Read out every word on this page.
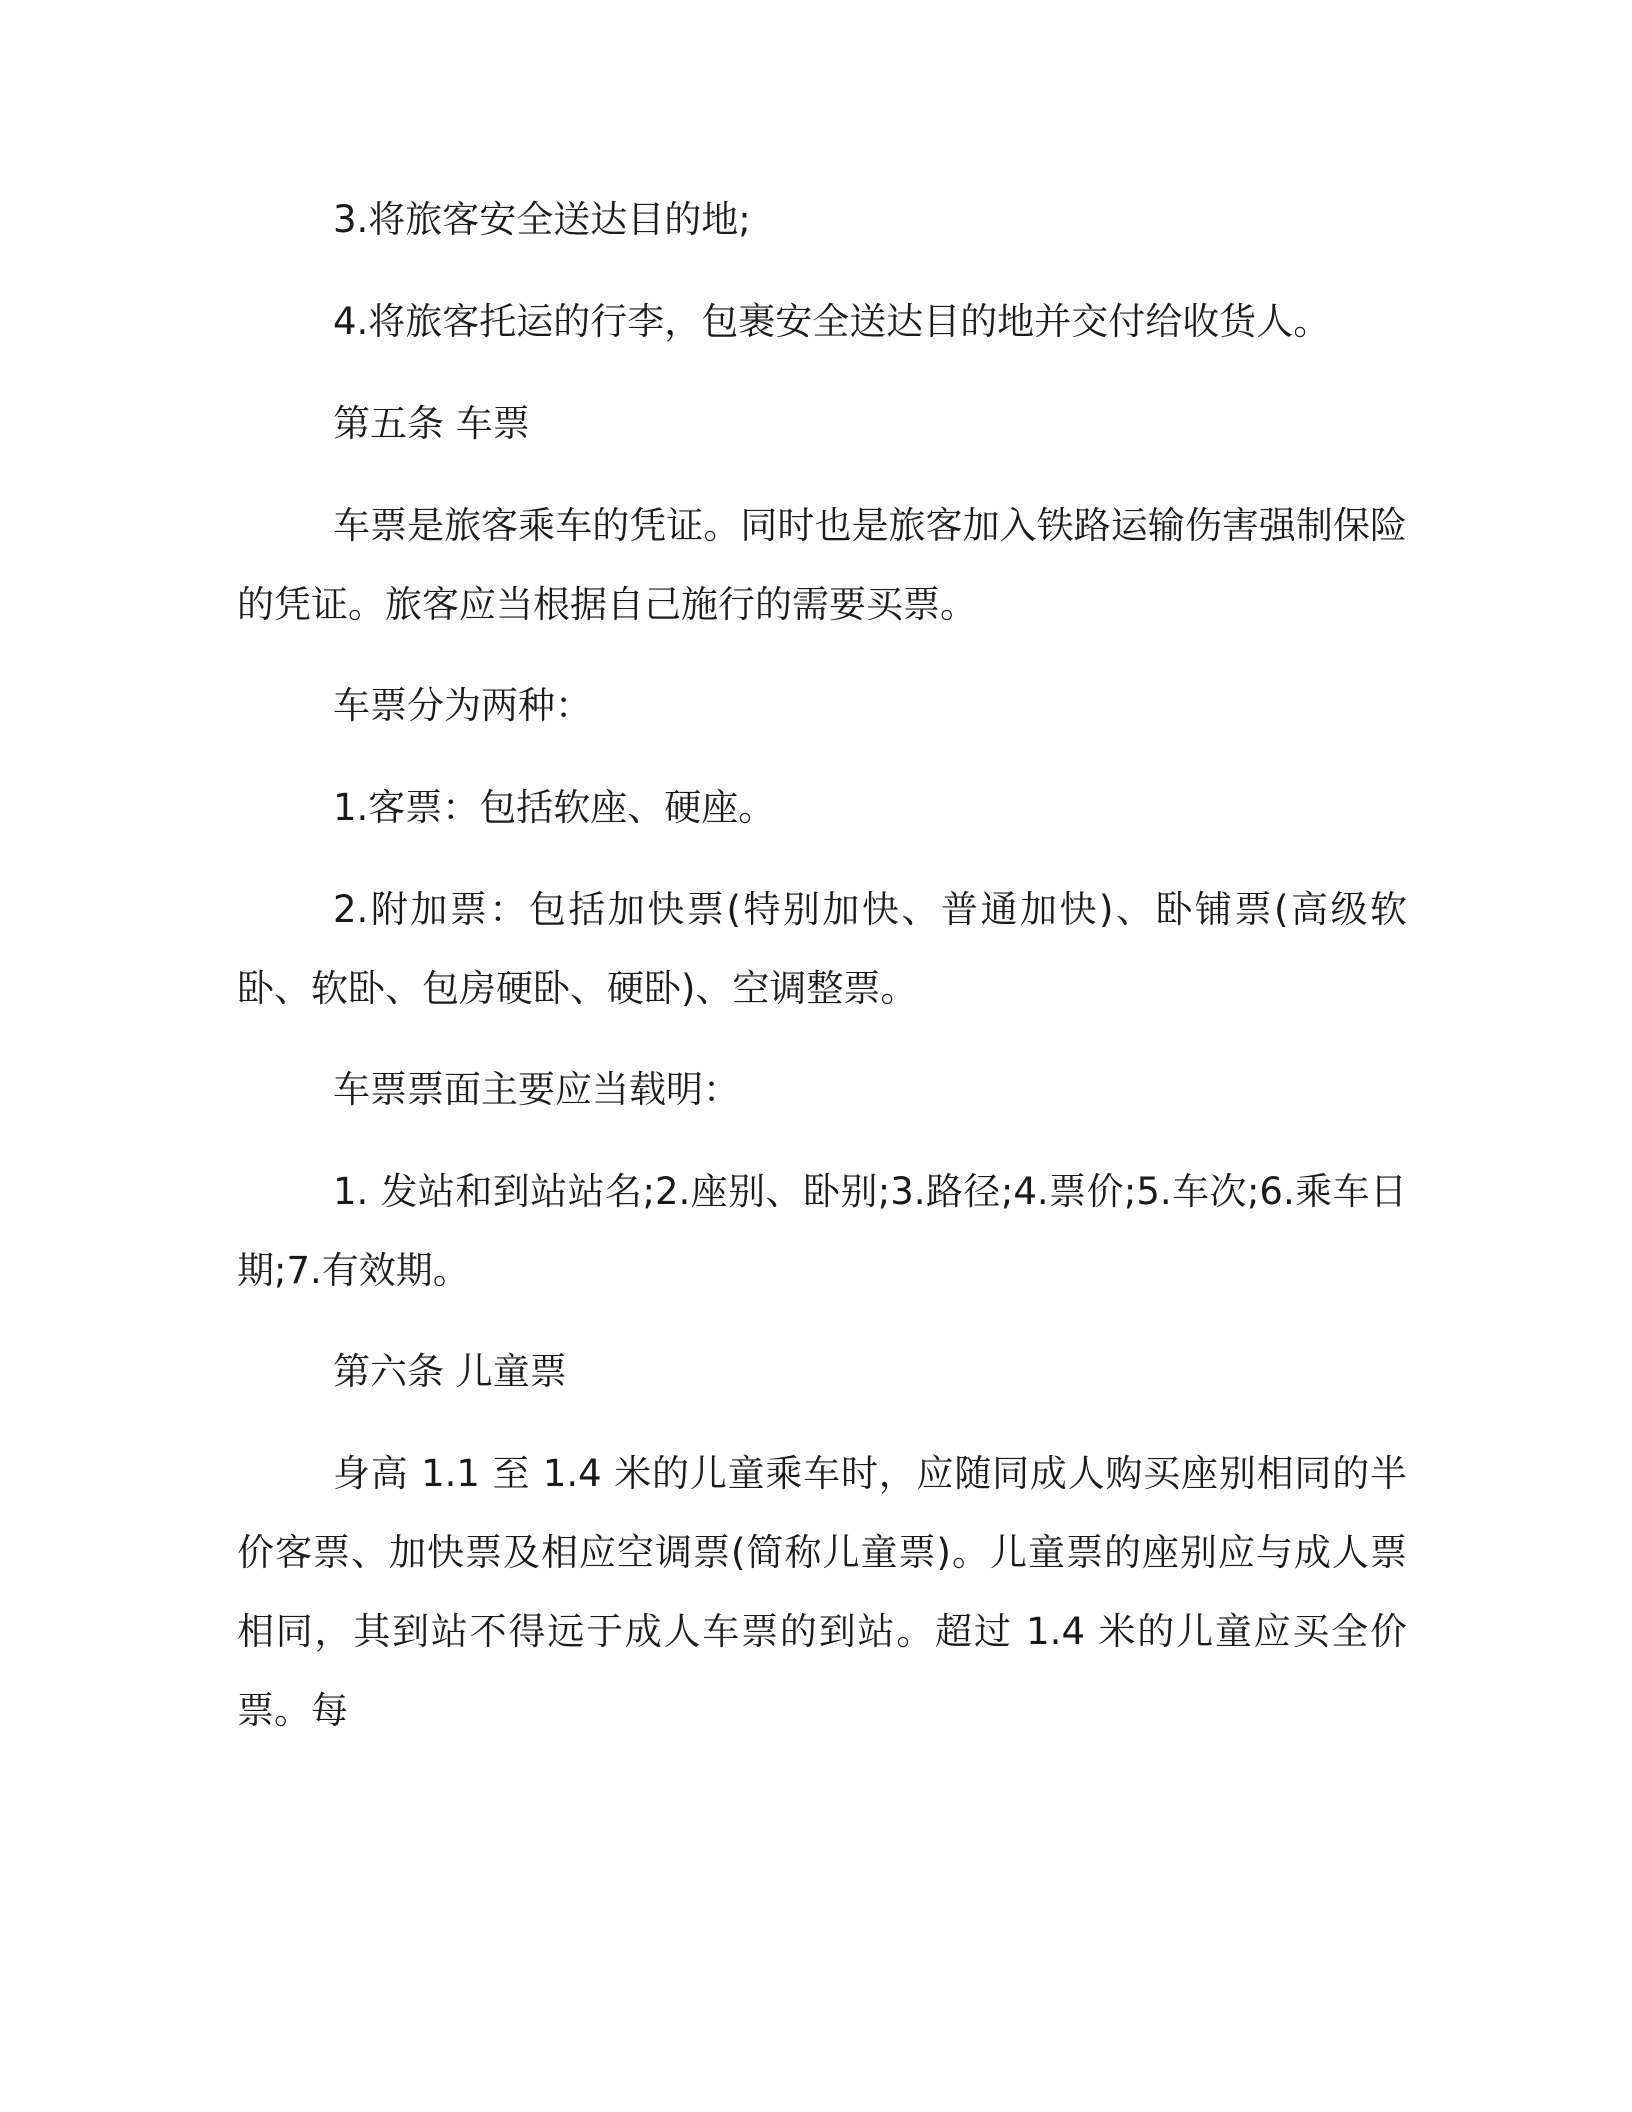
3.将旅客安全送达目的地;

4.将旅客托运的行李，包裹安全送达目的地并交付给收货人。

第五条 车票

车票是旅客乘车的凭证。同时也是旅客加入铁路运输伤害强制保险的凭证。旅客应当根据自己施行的需要买票。

车票分为两种：

1.客票：包括软座、硬座。

2.附加票：包括加快票(特别加快、普通加快)、卧铺票(高级软卧、软卧、包房硬卧、硬卧)、空调整票。

车票票面主要应当载明：

1. 发站和到站站名;2.座别、卧别;3.路径;4.票价;5.车次;6.乘车日期;7.有效期。

第六条 儿童票

身高 1.1 至 1.4 米的儿童乘车时，应随同成人购买座别相同的半价客票、加快票及相应空调票(简称儿童票)。儿童票的座别应与成人票相同，其到站不得远于成人车票的到站。超过 1.4 米的儿童应买全价票。每
